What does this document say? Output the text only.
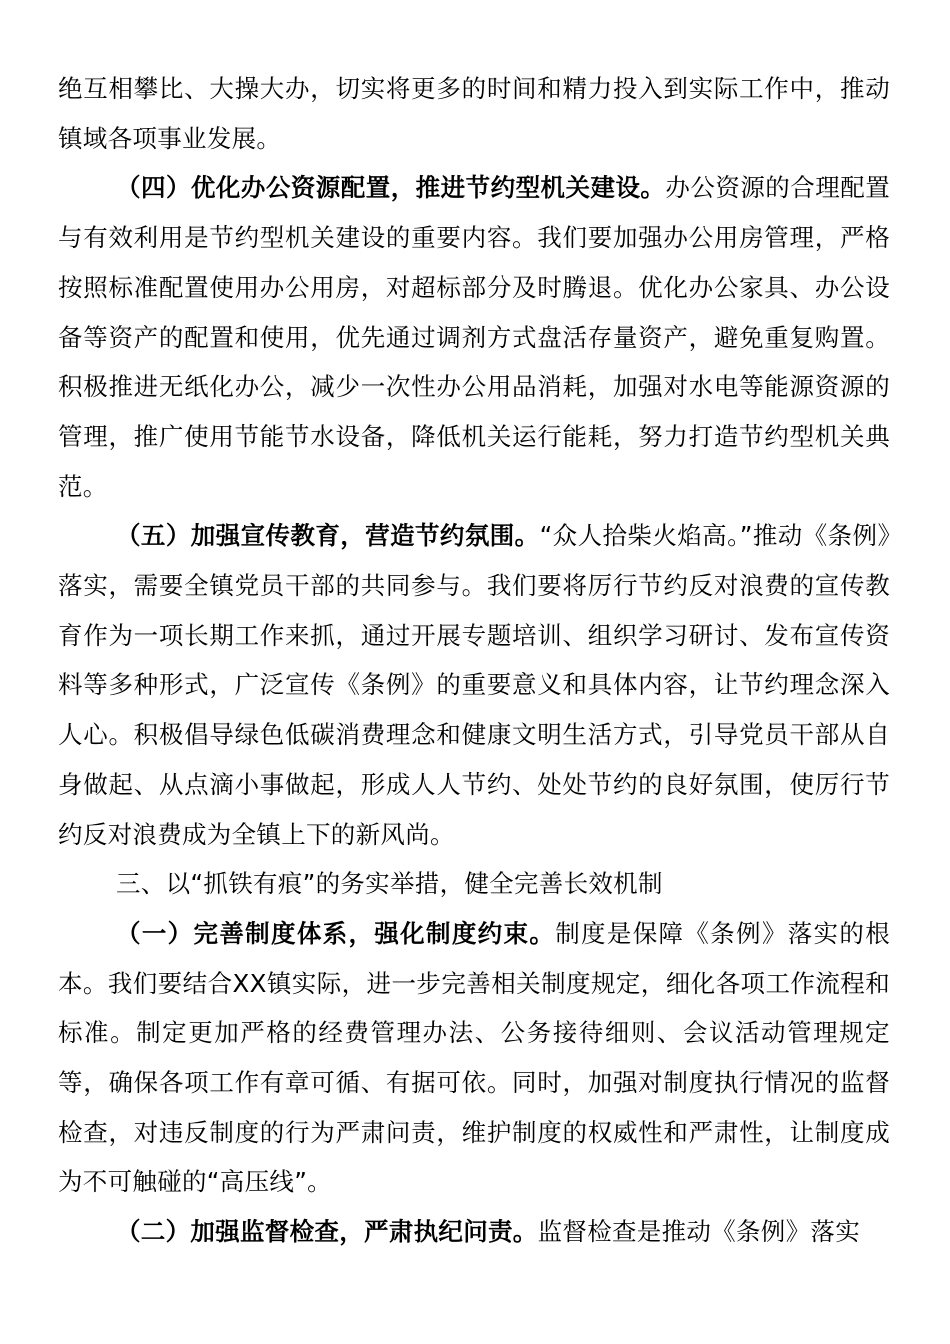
绝互相攀比、大操大办，切实将更多的时间和精力投入到实际工作中，推动镇域各项事业发展。

（四）优化办公资源配置，推进节约型机关建设。办公资源的合理配置与有效利用是节约型机关建设的重要内容。我们要加强办公用房管理，严格按照标准配置使用办公用房，对超标部分及时腾退。优化办公家具、办公设备等资产的配置和使用，优先通过调剂方式盘活存量资产，避免重复购置。积极推进无纸化办公，减少一次性办公用品消耗，加强对水电等能源资源的管理，推广使用节能节水设备，降低机关运行能耗，努力打造节约型机关典范。

（五）加强宣传教育，营造节约氛围。“众人拾柴火焰高。”推动《条例》落实，需要全镇党员干部的共同参与。我们要将厉行节约反对浪费的宣传教育作为一项长期工作来抓，通过开展专题培训、组织学习研讨、发布宣传资料等多种形式，广泛宣传《条例》的重要意义和具体内容，让节约理念深入人心。积极倡导绿色低碳消费理念和健康文明生活方式，引导党员干部从自身做起、从点滴小事做起，形成人人节约、处处节约的良好氛围，使厉行节约反对浪费成为全镇上下的新风尚。

三、以“抓铁有痕”的务实举措，健全完善长效机制

（一）完善制度体系，强化制度约束。制度是保障《条例》落实的根本。我们要结合XX镇实际，进一步完善相关制度规定，细化各项工作流程和标准。制定更加严格的经费管理办法、公务接待细则、会议活动管理规定等，确保各项工作有章可循、有据可依。同时，加强对制度执行情况的监督检查，对违反制度的行为严肃问责，维护制度的权威性和严肃性，让制度成为不可触碰的“高压线”。

（二）加强监督检查，严肃执纪问责。监督检查是推动《条例》落实
